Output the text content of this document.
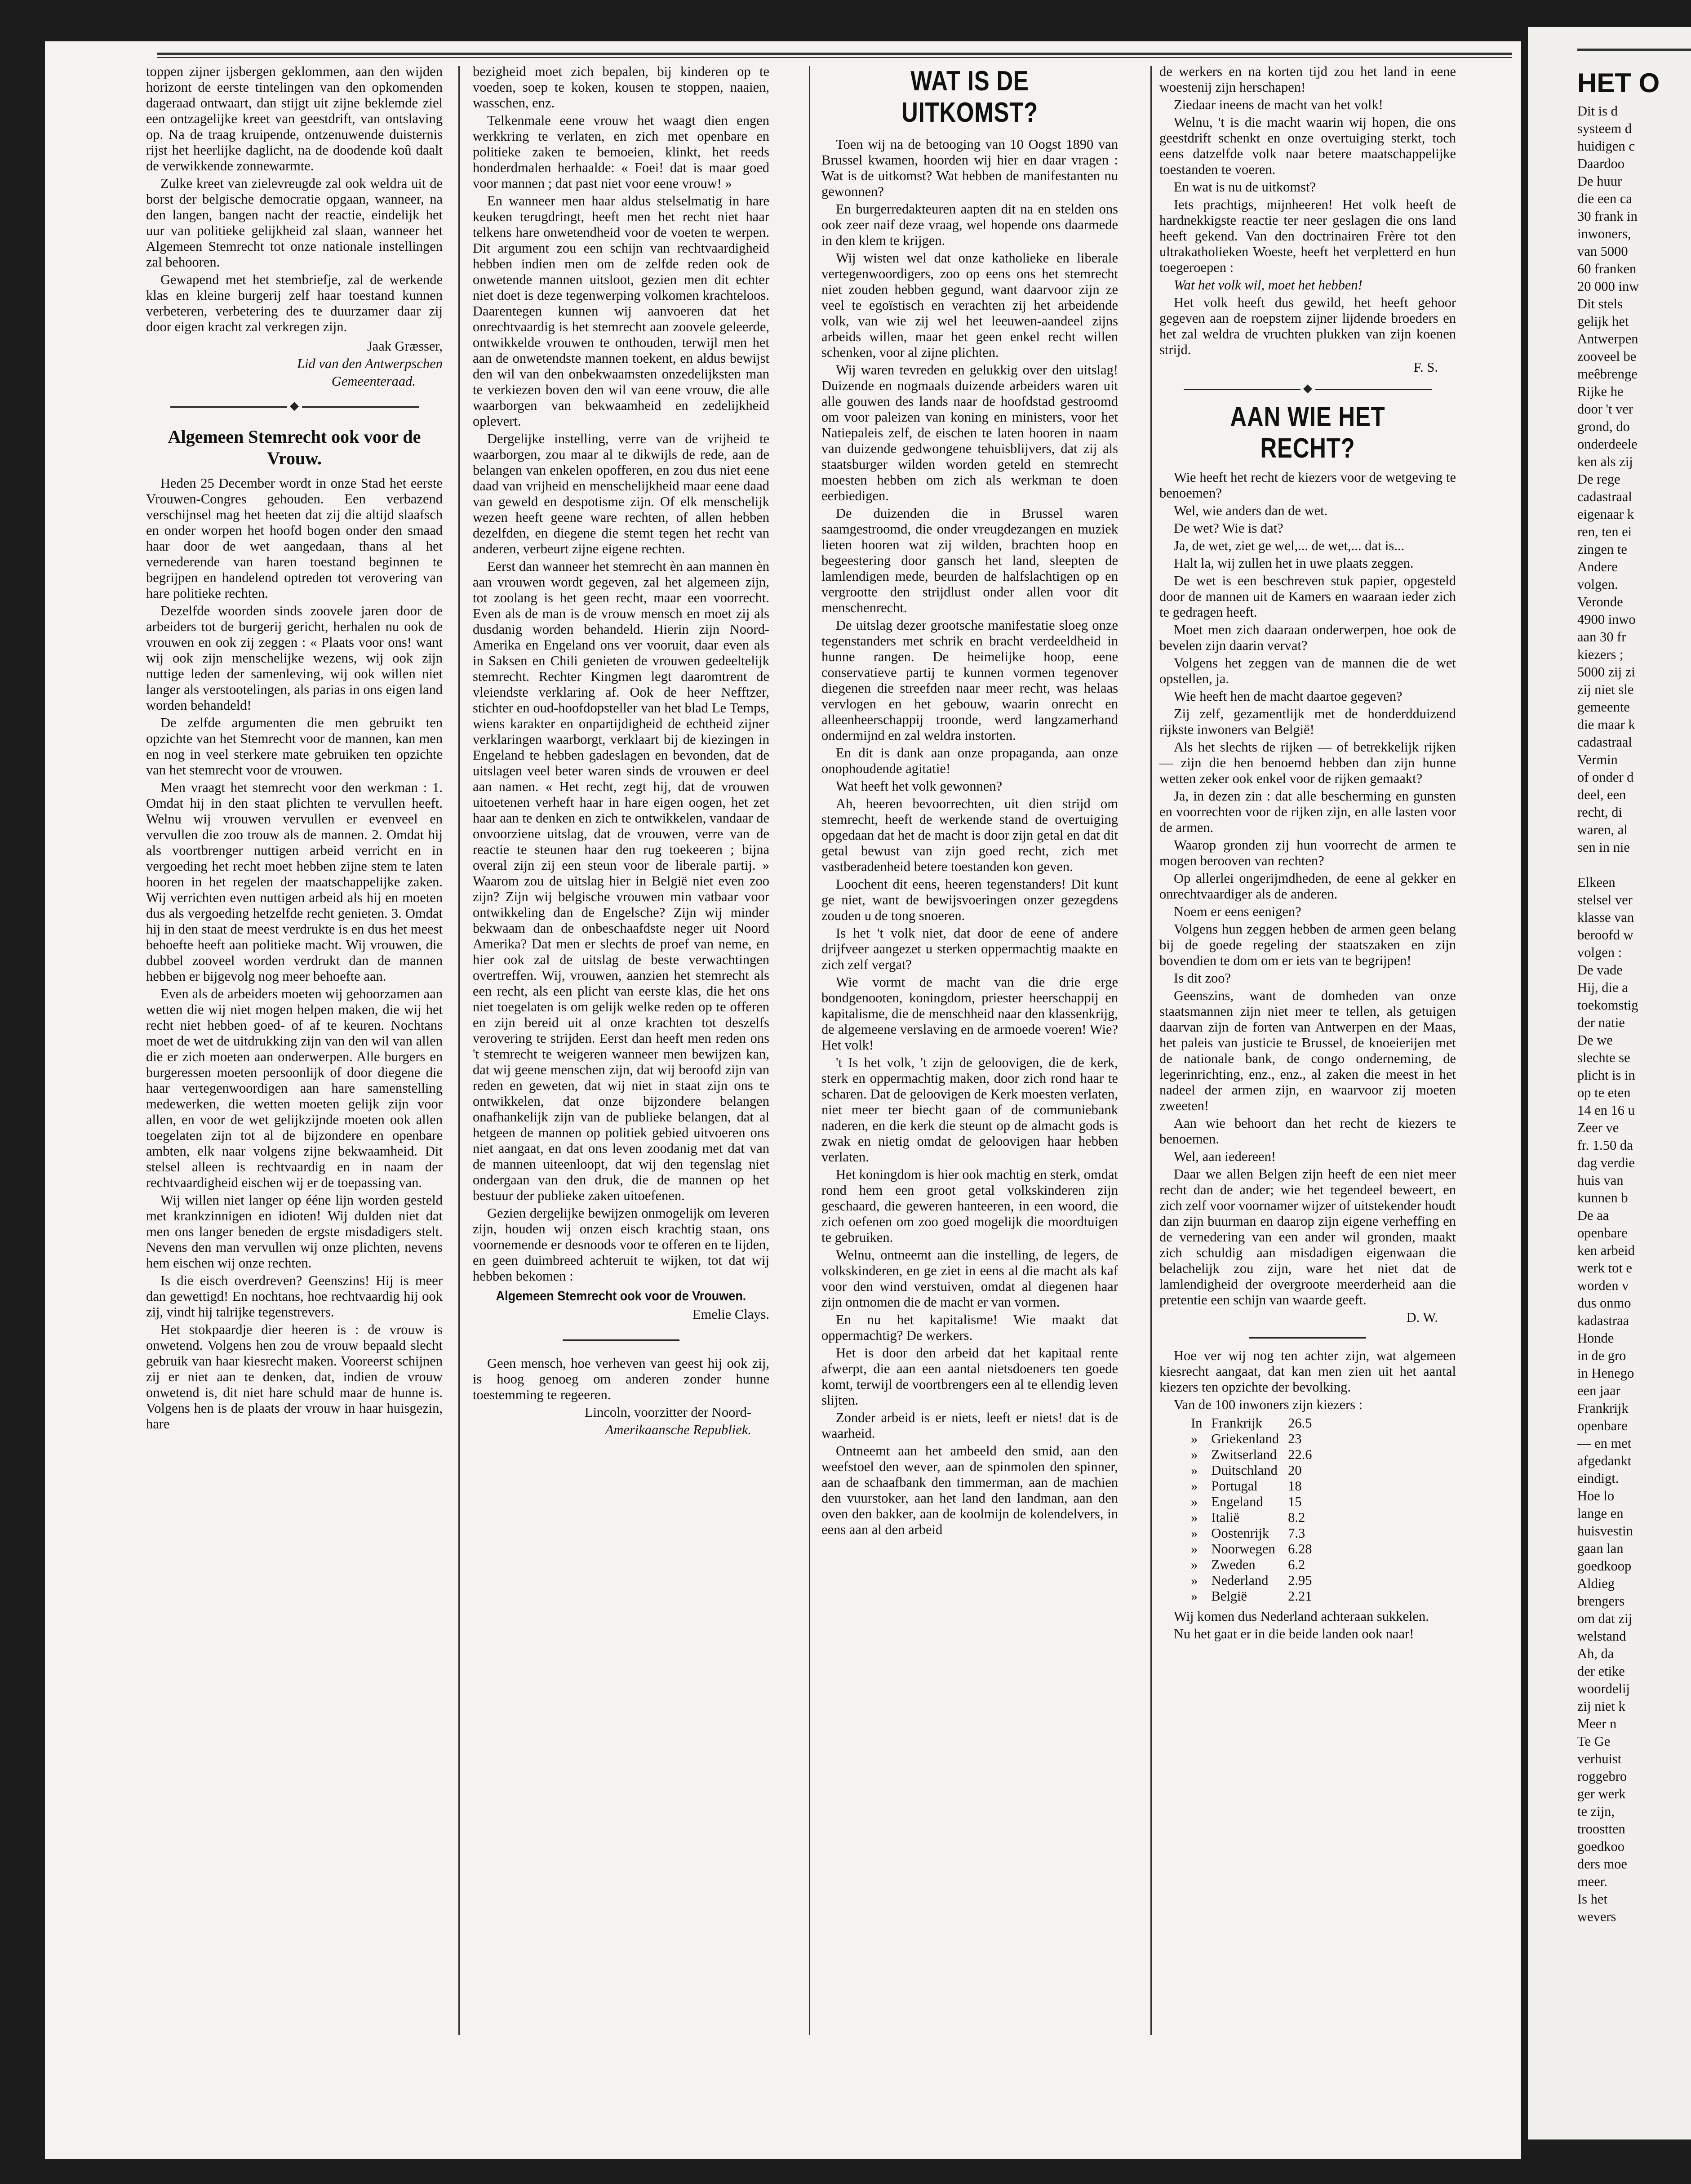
toppen zijner ijsbergen geklommen, aan den wijden horizont de eerste tintelingen van den opkomenden dageraad ontwaart, dan stijgt uit zijne beklemde ziel een ontzagelijke kreet van geestdrift, van ontslaving op. Na de traag kruipende, ontzenuwende duisternis rijst het heerlijke daglicht, na de doodende koû daalt de verwikkende zonnewarmte.

Zulke kreet van zielevreugde zal ook weldra uit de borst der belgische democratie opgaan, wanneer, na den langen, bangen nacht der reactie, eindelijk het uur van politieke gelijkheid zal slaan, wanneer het Algemeen Stemrecht tot onze nationale instellingen zal behooren.

Gewapend met het stembriefje, zal de werkende klas en kleine burgerij zelf haar toestand kunnen verbeteren, verbetering des te duurzamer daar zij door eigen kracht zal verkregen zijn.

Jaak Græsser,

Lid van den Antwerpschen

Gemeenteraad.

◆
Algemeen Stemrecht ook voor de Vrouw.

Heden 25 December wordt in onze Stad het eerste Vrouwen-Congres gehouden. Een verbazend verschijnsel mag het heeten dat zij die altijd slaafsch en onder worpen het hoofd bogen onder den smaad haar door de wet aangedaan, thans al het vernederende van haren toestand beginnen te begrijpen en handelend optreden tot verovering van hare politieke rechten.

Dezelfde woorden sinds zoovele jaren door de arbeiders tot de burgerij gericht, herhalen nu ook de vrouwen en ook zij zeggen : « Plaats voor ons! want wij ook zijn menschelijke wezens, wij ook zijn nuttige leden der samenleving, wij ook willen niet langer als verstootelingen, als parias in ons eigen land worden behandeld!

De zelfde argumenten die men gebruikt ten opzichte van het Stemrecht voor de mannen, kan men en nog in veel sterkere mate gebruiken ten opzichte van het stemrecht voor de vrouwen.

Men vraagt het stemrecht voor den werkman : 1. Omdat hij in den staat plichten te vervullen heeft. Welnu wij vrouwen vervullen er evenveel en vervullen die zoo trouw als de mannen. 2. Omdat hij als voortbrenger nuttigen arbeid verricht en in vergoeding het recht moet hebben zijne stem te laten hooren in het regelen der maatschappelijke zaken. Wij verrichten even nuttigen arbeid als hij en moeten dus als vergoeding hetzelfde recht genieten. 3. Omdat hij in den staat de meest verdrukte is en dus het meest behoefte heeft aan politieke macht. Wij vrouwen, die dubbel zooveel worden verdrukt dan de mannen hebben er bijgevolg nog meer behoefte aan.

Even als de arbeiders moeten wij gehoorzamen aan wetten die wij niet mogen helpen maken, die wij het recht niet hebben goed- of af te keuren. Nochtans moet de wet de uitdrukking zijn van den wil van allen die er zich moeten aan onderwerpen. Alle burgers en burgeressen moeten persoonlijk of door diegene die haar vertegenwoordigen aan hare samenstelling medewerken, die wetten moeten gelijk zijn voor allen, en voor de wet gelijkzijnde moeten ook allen toegelaten zijn tot al de bijzondere en openbare ambten, elk naar volgens zijne bekwaamheid. Dit stelsel alleen is rechtvaardig en in naam der rechtvaardigheid eischen wij er de toepassing van.

Wij willen niet langer op ééne lijn worden gesteld met krankzinnigen en idioten! Wij dulden niet dat men ons langer beneden de ergste misdadigers stelt. Nevens den man vervullen wij onze plichten, nevens hem eischen wij onze rechten.

Is die eisch overdreven? Geenszins! Hij is meer dan gewettigd! En nochtans, hoe rechtvaardig hij ook zij, vindt hij talrijke tegenstrevers.

Het stokpaardje dier heeren is : de vrouw is onwetend. Volgens hen zou de vrouw bepaald slecht gebruik van haar kiesrecht maken. Vooreerst schijnen zij er niet aan te denken, dat, indien de vrouw onwetend is, dit niet hare schuld maar de hunne is. Volgens hen is de plaats der vrouw in haar huisgezin, hare

bezigheid moet zich bepalen, bij kinderen op te voeden, soep te koken, kousen te stoppen, naaien, wasschen, enz.

Telkenmale eene vrouw het waagt dien engen werkkring te verlaten, en zich met openbare en politieke zaken te bemoeien, klinkt, het reeds honderdmalen herhaalde: « Foei! dat is maar goed voor mannen ; dat past niet voor eene vrouw! »

En wanneer men haar aldus stelselmatig in hare keuken terugdringt, heeft men het recht niet haar telkens hare onwetendheid voor de voeten te werpen. Dit argument zou een schijn van rechtvaardigheid hebben indien men om de zelfde reden ook de onwetende mannen uitsloot, gezien men dit echter niet doet is deze tegenwerping volkomen krachteloos. Daarentegen kunnen wij aanvoeren dat het onrechtvaardig is het stemrecht aan zoovele geleerde, ontwikkelde vrouwen te onthouden, terwijl men het aan de onwetendste mannen toekent, en aldus bewijst den wil van den onbekwaamsten onzedelijksten man te verkiezen boven den wil van eene vrouw, die alle waarborgen van bekwaamheid en zedelijkheid oplevert.

Dergelijke instelling, verre van de vrijheid te waarborgen, zou maar al te dikwijls de rede, aan de belangen van enkelen opofferen, en zou dus niet eene daad van vrijheid en menschelijkheid maar eene daad van geweld en despotisme zijn. Of elk menschelijk wezen heeft geene ware rechten, of allen hebben dezelfden, en diegene die stemt tegen het recht van anderen, verbeurt zijne eigene rechten.

Eerst dan wanneer het stemrecht èn aan mannen èn aan vrouwen wordt gegeven, zal het algemeen zijn, tot zoolang is het geen recht, maar een voorrecht. Even als de man is de vrouw mensch en moet zij als dusdanig worden behandeld. Hierin zijn Noord-Amerika en Engeland ons ver vooruit, daar even als in Saksen en Chili genieten de vrouwen gedeeltelijk stemrecht. Rechter Kingmen legt daaromtrent de vleiendste verklaring af. Ook de heer Nefftzer, stichter en oud-hoofdopsteller van het blad Le Temps, wiens karakter en onpartijdigheid de echtheid zijner verklaringen waarborgt, verklaart bij de kiezingen in Engeland te hebben gadeslagen en bevonden, dat de uitslagen veel beter waren sinds de vrouwen er deel aan namen. « Het recht, zegt hij, dat de vrouwen uitoetenen verheft haar in hare eigen oogen, het zet haar aan te denken en zich te ontwikkelen, vandaar de onvoorziene uitslag, dat de vrouwen, verre van de reactie te steunen haar den rug toekeeren ; bijna overal zijn zij een steun voor de liberale partij. » Waarom zou de uitslag hier in België niet even zoo zijn? Zijn wij belgische vrouwen min vatbaar voor ontwikkeling dan de Engelsche? Zijn wij minder bekwaam dan de onbeschaafdste neger uit Noord Amerika? Dat men er slechts de proef van neme, en hier ook zal de uitslag de beste verwachtingen overtreffen. Wij, vrouwen, aanzien het stemrecht als een recht, als een plicht van eerste klas, die het ons niet toegelaten is om gelijk welke reden op te offeren en zijn bereid uit al onze krachten tot deszelfs verovering te strijden. Eerst dan heeft men reden ons 't stemrecht te weigeren wanneer men bewijzen kan, dat wij geene menschen zijn, dat wij beroofd zijn van reden en geweten, dat wij niet in staat zijn ons te ontwikkelen, dat onze bijzondere belangen onafhankelijk zijn van de publieke belangen, dat al hetgeen de mannen op politiek gebied uitvoeren ons niet aangaat, en dat ons leven zoodanig met dat van de mannen uiteenloopt, dat wij den tegenslag niet ondergaan van den druk, die de mannen op het bestuur der publieke zaken uitoefenen.

Gezien dergelijke bewijzen onmogelijk om leveren zijn, houden wij onzen eisch krachtig staan, ons voornemende er desnoods voor te offeren en te lijden, en geen duimbreed achteruit te wijken, tot dat wij hebben bekomen :

Algemeen Stemrecht ook voor de Vrouwen.

Emelie Clays.

Geen mensch, hoe verheven van geest hij ook zij, is hoog genoeg om anderen zonder hunne toestemming te regeeren.

Lincoln, voorzitter der Noord-

Amerikaansche Republiek.

WAT IS DE UITKOMST?

Toen wij na de betooging van 10 Oogst 1890 van Brussel kwamen, hoorden wij hier en daar vragen : Wat is de uitkomst? Wat hebben de manifestanten nu gewonnen?

En burgerredakteuren aapten dit na en stelden ons ook zeer naif deze vraag, wel hopende ons daarmede in den klem te krijgen.

Wij wisten wel dat onze katholieke en liberale vertegenwoordigers, zoo op eens ons het stemrecht niet zouden hebben gegund, want daarvoor zijn ze veel te egoïstisch en verachten zij het arbeidende volk, van wie zij wel het leeuwen-aandeel zijns arbeids willen, maar het geen enkel recht willen schenken, voor al zijne plichten.

Wij waren tevreden en gelukkig over den uitslag! Duizende en nogmaals duizende arbeiders waren uit alle gouwen des lands naar de hoofdstad gestroomd om voor paleizen van koning en ministers, voor het Natiepaleis zelf, de eischen te laten hooren in naam van duizende gedwongene tehuisblijvers, dat zij als staatsburger wilden worden geteld en stemrecht moesten hebben om zich als werkman te doen eerbiedigen.

De duizenden die in Brussel waren saamgestroomd, die onder vreugdezangen en muziek lieten hooren wat zij wilden, brachten hoop en begeestering door gansch het land, sleepten de lamlendigen mede, beurden de halfslachtigen op en vergrootte den strijdlust onder allen voor dit menschenrecht.

De uitslag dezer grootsche manifestatie sloeg onze tegenstanders met schrik en bracht verdeeldheid in hunne rangen. De heimelijke hoop, eene conservatieve partij te kunnen vormen tegenover diegenen die streefden naar meer recht, was helaas vervlogen en het gebouw, waarin onrecht en alleenheerschappij troonde, werd langzamerhand ondermijnd en zal weldra instorten.

En dit is dank aan onze propaganda, aan onze onophoudende agitatie!

Wat heeft het volk gewonnen?

Ah, heeren bevoorrechten, uit dien strijd om stemrecht, heeft de werkende stand de overtuiging opgedaan dat het de macht is door zijn getal en dat dit getal bewust van zijn goed recht, zich met vastberadenheid betere toestanden kon geven.

Loochent dit eens, heeren tegenstanders! Dit kunt ge niet, want de bewijsvoeringen onzer gezegdens zouden u de tong snoeren.

Is het 't volk niet, dat door de eene of andere drijfveer aangezet u sterken oppermachtig maakte en zich zelf vergat?

Wie vormt de macht van die drie erge bondgenooten, koningdom, priester heerschappij en kapitalisme, die de menschheid naar den klassenkrijg, de algemeene verslaving en de armoede voeren! Wie? Het volk!

't Is het volk, 't zijn de geloovigen, die de kerk, sterk en oppermachtig maken, door zich rond haar te scharen. Dat de geloovigen de Kerk moesten verlaten, niet meer ter biecht gaan of de communiebank naderen, en die kerk die steunt op de almacht gods is zwak en nietig omdat de geloovigen haar hebben verlaten.

Het koningdom is hier ook machtig en sterk, omdat rond hem een groot getal volkskinderen zijn geschaard, die geweren hanteeren, in een woord, die zich oefenen om zoo goed mogelijk die moordtuigen te gebruiken.

Welnu, ontneemt aan die instelling, de legers, de volkskinderen, en ge ziet in eens al die macht als kaf voor den wind verstuiven, omdat al diegenen haar zijn ontnomen die de macht er van vormen.

En nu het kapitalisme! Wie maakt dat oppermachtig? De werkers.

Het is door den arbeid dat het kapitaal rente afwerpt, die aan een aantal nietsdoeners ten goede komt, terwijl de voortbrengers een al te ellendig leven slijten.

Zonder arbeid is er niets, leeft er niets! dat is de waarheid.

Ontneemt aan het ambeeld den smid, aan den weefstoel den wever, aan de spinmolen den spinner, aan de schaafbank den timmerman, aan de machien den vuurstoker, aan het land den landman, aan den oven den bakker, aan de koolmijn de kolendelvers, in eens aan al den arbeid

de werkers en na korten tijd zou het land in eene woestenij zijn herschapen!

Ziedaar ineens de macht van het volk!

Welnu, 't is die macht waarin wij hopen, die ons geestdrift schenkt en onze overtuiging sterkt, toch eens datzelfde volk naar betere maatschappelijke toestanden te voeren.

En wat is nu de uitkomst?

Iets prachtigs, mijnheeren! Het volk heeft de hardnekkigste reactie ter neer geslagen die ons land heeft gekend. Van den doctrinairen Frère tot den ultrakatholieken Woeste, heeft het verpletterd en hun toegeroepen :

Wat het volk wil, moet het hebben!

Het volk heeft dus gewild, het heeft gehoor gegeven aan de roepstem zijner lijdende broeders en het zal weldra de vruchten plukken van zijn koenen strijd.

F. S.

◆
AAN WIE HET RECHT?

Wie heeft het recht de kiezers voor de wetgeving te benoemen?

Wel, wie anders dan de wet.

De wet? Wie is dat?

Ja, de wet, ziet ge wel,... de wet,... dat is...

Halt la, wij zullen het in uwe plaats zeggen.

De wet is een beschreven stuk papier, opgesteld door de mannen uit de Kamers en waaraan ieder zich te gedragen heeft.

Moet men zich daaraan onderwerpen, hoe ook de bevelen zijn daarin vervat?

Volgens het zeggen van de mannen die de wet opstellen, ja.

Wie heeft hen de macht daartoe gegeven?

Zij zelf, gezamentlijk met de honderdduizend rijkste inwoners van België!

Als het slechts de rijken — of betrekkelijk rijken — zijn die hen benoemd hebben dan zijn hunne wetten zeker ook enkel voor de rijken gemaakt?

Ja, in dezen zin : dat alle bescherming en gunsten en voorrechten voor de rijken zijn, en alle lasten voor de armen.

Waarop gronden zij hun voorrecht de armen te mogen berooven van rechten?

Op allerlei ongerijmdheden, de eene al gekker en onrechtvaardiger als de anderen.

Noem er eens eenigen?

Volgens hun zeggen hebben de armen geen belang bij de goede regeling der staatszaken en zijn bovendien te dom om er iets van te begrijpen!

Is dit zoo?

Geenszins, want de domheden van onze staatsmannen zijn niet meer te tellen, als getuigen daarvan zijn de forten van Antwerpen en der Maas, het paleis van justicie te Brussel, de knoeierijen met de nationale bank, de congo onderneming, de legerinrichting, enz., enz., al zaken die meest in het nadeel der armen zijn, en waarvoor zij moeten zweeten!

Aan wie behoort dan het recht de kiezers te benoemen.

Wel, aan iedereen!

Daar we allen Belgen zijn heeft de een niet meer recht dan de ander; wie het tegendeel beweert, en zich zelf voor voornamer wijzer of uitstekender houdt dan zijn buurman en daarop zijn eigene verheffing en de vernedering van een ander wil gronden, maakt zich schuldig aan misdadigen eigenwaan die belachelijk zou zijn, ware het niet dat de lamlendigheid der overgroote meerderheid aan die pretentie een schijn van waarde geeft.

D. W.

Hoe ver wij nog ten achter zijn, wat algemeen kiesrecht aangaat, dat kan men zien uit het aantal kiezers ten opzichte der bevolking.

Van de 100 inwoners zijn kiezers :

In	Frankrijk	26.5
»	Griekenland	23
»	Zwitserland	22.6
»	Duitschland	20
»	Portugal	18
»	Engeland	15
»	Italië	8.2
»	Oostenrijk	7.3
»	Noorwegen	6.28
»	Zweden	6.2
»	Nederland	2.95
»	België	2.21

Wij komen dus Nederland achteraan sukkelen.

Nu het gaat er in die beide landen ook naar!

HET O

Dit is d

systeem d

huidigen c

Daardoo

De huur

die een ca

30 frank in

inwoners,

van 5000

60 franken

20 000 inw

Dit stels

gelijk het

Antwerpen

zooveel be

meêbrenge

Rijke he

door 't ver

grond, do

onderdeele

ken als zij

De rege

cadastraal

eigenaar k

ren, ten ei

zingen te

Andere

volgen.

Veronde

4900 inwo

aan 30 fr

kiezers ;

5000 zij zi

zij niet sle

gemeente

die maar k

cadastraal

Vermin

of onder d

deel, een

recht, di

waren, al

sen in nie

Elkeen

stelsel ver

klasse van

beroofd w

volgen :

De vade

Hij, die a

toekomstig

der natie

De we

slechte se

plicht is in

op te eten

14 en 16 u

Zeer ve

fr. 1.50 da

dag verdie

huis van

kunnen b

De aa

openbare

ken arbeid

werk tot e

worden v

dus onmo

kadastraa

Honde

in de gro

in Henego

een jaar

Frankrijk

openbare

— en met

afgedankt

eindigt.

Hoe lo

lange en

huisvestin

gaan lan

goedkoop

Aldieg

brengers

om dat zij

welstand

Ah, da

der etike

woordelij

zij niet k

Meer n

Te Ge

verhuist

roggebro

ger werk

te zijn,

troostten

goedkoo

ders moe

meer.

Is het

wevers
